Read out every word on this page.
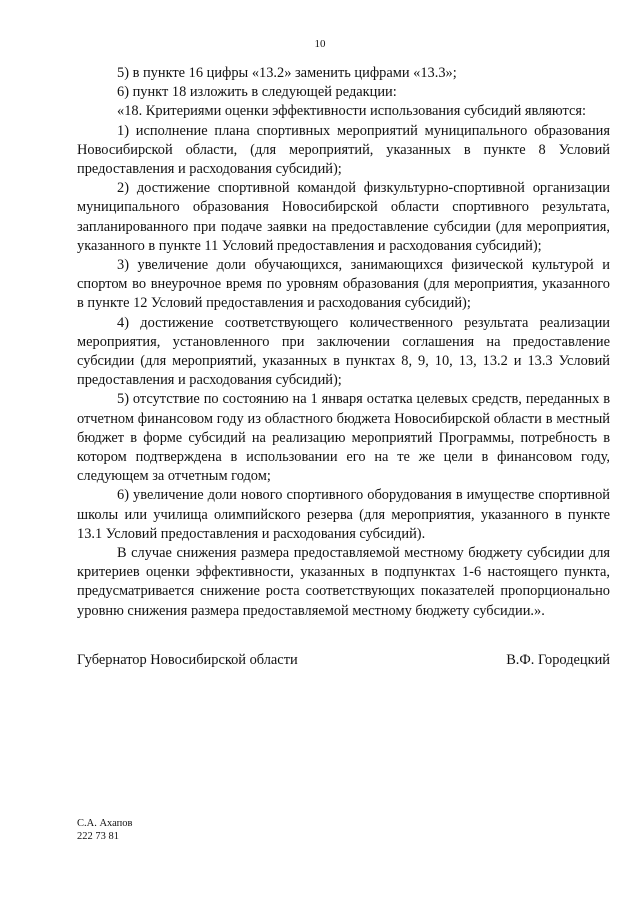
10

5) в пункте 16 цифры «13.2» заменить цифрами «13.3»;

6) пункт 18 изложить в следующей редакции:

«18. Критериями оценки эффективности использования субсидий являются:

1) исполнение плана спортивных мероприятий муниципального образования Новосибирской области, (для мероприятий, указанных в пункте 8 Условий предоставления и расходования субсидий);

2) достижение спортивной командой физкультурно-спортивной организации муниципального образования Новосибирской области спортивного результата, запланированного при подаче заявки на предоставление субсидии (для мероприятия, указанного в пункте 11 Условий предоставления и расходования субсидий);

3) увеличение доли обучающихся, занимающихся физической культурой и спортом во внеурочное время по уровням образования (для мероприятия, указанного в пункте 12 Условий предоставления и расходования субсидий);

4) достижение соответствующего количественного результата реализации мероприятия, установленного при заключении соглашения на предоставление субсидии (для мероприятий, указанных в пунктах 8, 9, 10, 13, 13.2 и 13.3 Условий предоставления и расходования субсидий);

5) отсутствие по состоянию на 1 января остатка целевых средств, переданных в отчетном финансовом году из областного бюджета Новосибирской области в местный бюджет в форме субсидий на реализацию мероприятий Программы, потребность в котором подтверждена в использовании его на те же цели в финансовом году, следующем за отчетным годом;

6) увеличение доли нового спортивного оборудования в имуществе спортивной школы или училища олимпийского резерва (для мероприятия, указанного в пункте 13.1 Условий предоставления и расходования субсидий).

В случае снижения размера предоставляемой местному бюджету субсидии для критериев оценки эффективности, указанных в подпунктах 1-6 настоящего пункта, предусматривается снижение роста соответствующих показателей пропорционально уровню снижения размера предоставляемой местному бюджету субсидии.».

Губернатор Новосибирской области	В.Ф. Городецкий
С.А. Ахапов
222 73 81
